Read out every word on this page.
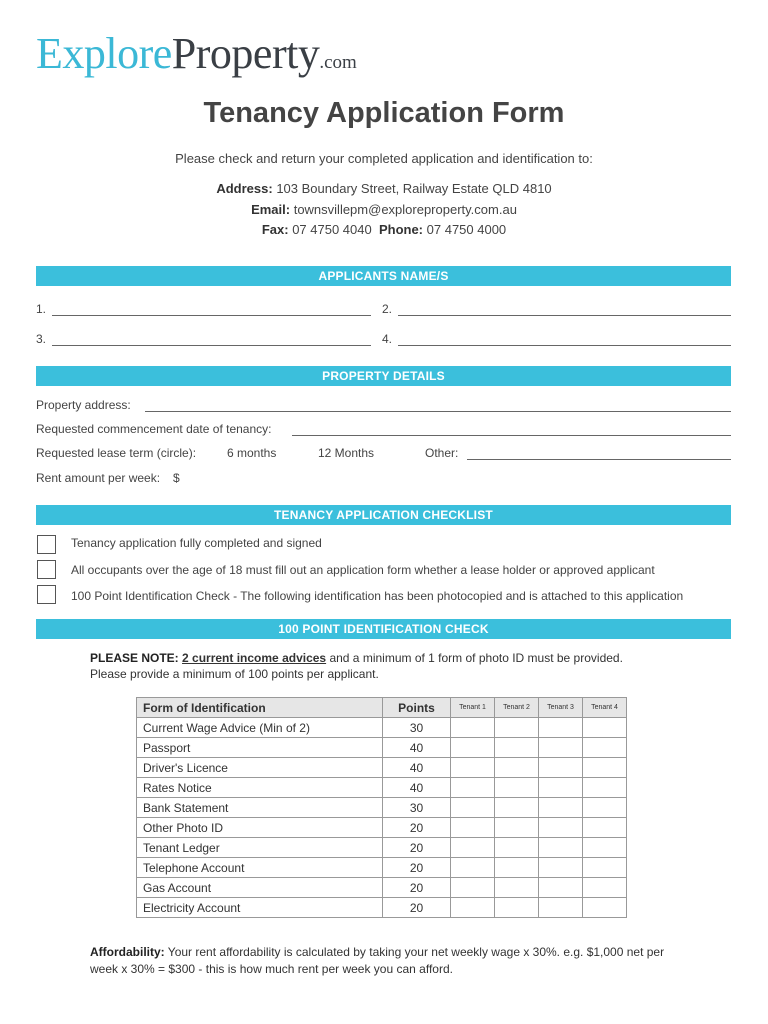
ExploreProperty.com
Tenancy Application Form
Please check and return your completed application and identification to:
Address: 103 Boundary Street, Railway Estate QLD 4810
Email: townsvillepm@exploreproperty.com.au
Fax: 07 4750 4040 Phone: 07 4750 4000
APPLICANTS NAME/S
1.	2.
3.	4.
PROPERTY DETAILS
Property address:
Requested commencement date of tenancy:
Requested lease term (circle):	6 months	12 Months	Other:
Rent amount per week: $
TENANCY APPLICATION CHECKLIST
Tenancy application fully completed and signed
All occupants over the age of 18 must fill out an application form whether a lease holder or approved applicant
100 Point Identification Check - The following identification has been photocopied and is attached to this application
100 POINT IDENTIFICATION CHECK
PLEASE NOTE: 2 current income advices and a minimum of 1 form of photo ID must be provided.
Please provide a minimum of 100 points per applicant.
Form of Identification	Points	Tenant 1	Tenant 2	Tenant 3	Tenant 4
Current Wage Advice (Min of 2)	30				
Passport	40				
Driver's Licence	40				
Rates Notice	40				
Bank Statement	30				
Other Photo ID	20				
Tenant Ledger	20				
Telephone Account	20				
Gas Account	20				
Electricity Account	20				
Affordability: Your rent affordability is calculated by taking your net weekly wage x 30%. e.g. $1,000 net per week x 30% = $300 - this is how much rent per week you can afford.
